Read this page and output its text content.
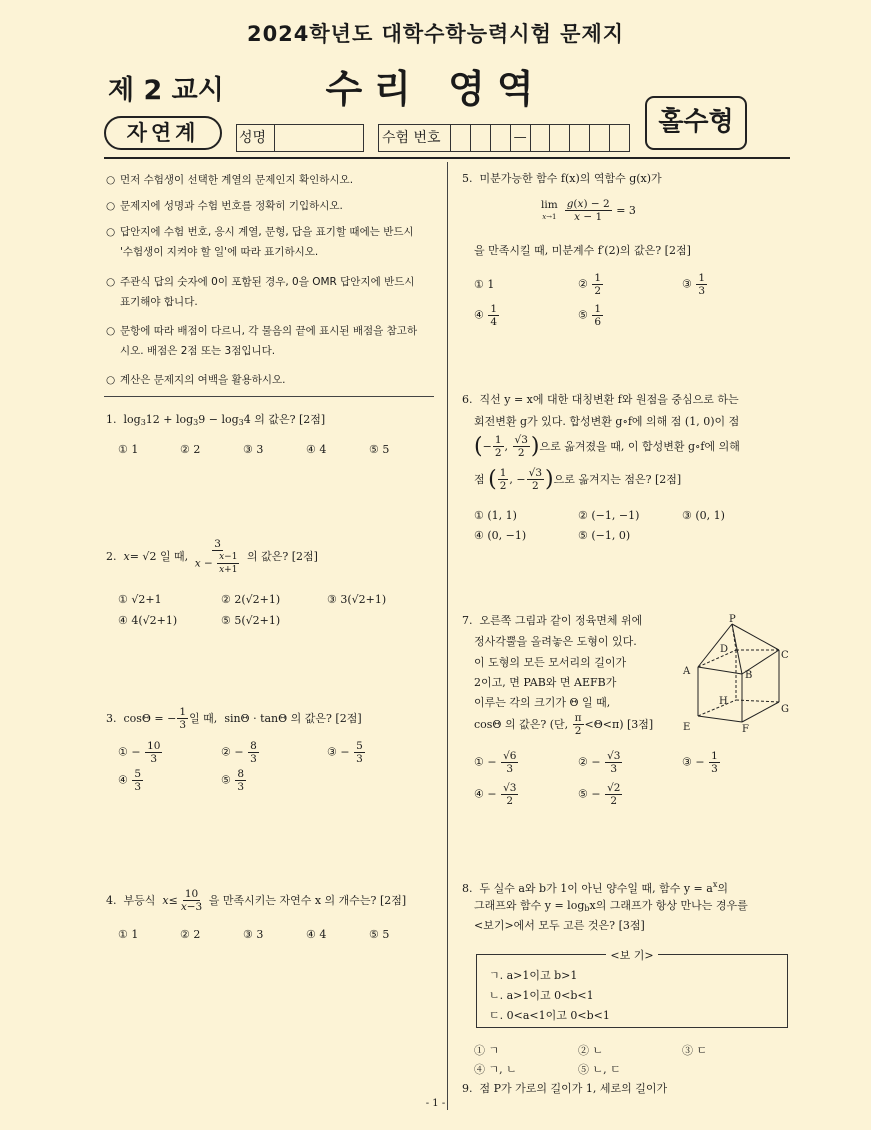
2024학년도 대학수학능력시험 문제지
제 2 교시	수리 영역
자연계	성명	수험 번호	—
홀수형
○ 먼저 수험생이 선택한 계열의 문제인지 확인하시오.
○ 문제지에 성명과 수험 번호를 정확히 기입하시오.
○ 답안지에 수험 번호, 응시 계열, 문형, 답을 표기할 때에는 반드시
'수험생이 지켜야 할 일'에 따라 표기하시오.
○ 주관식 답의 숫자에 0이 포함된 경우, 0을 OMR 답안지에 반드시
표기해야 합니다.
○ 문항에 따라 배점이 다르니, 각 물음의 끝에 표시된 배점을 참고하
시오. 배점은 2점 또는 3점입니다.
○ 계산은 문제지의 여백을 활용하시오.
1.  $\log_312 + \log_39 - \log_34$ 의 값은? [2점]
① 1	② 2	③ 3	④ 4	⑤ 5
2.
x = √2 일 때,
$\frac{3}{x - \frac{x-1}{x+1}}$
의 값은? [2점]
① √2+1	② 2(√2+1)	③ 3(√2+1)
④ 4(√2+1)	⑤ 5(√2+1)
3. cosΘ = − $\frac{1}{3}$ 일 때,
sinΘ · tanΘ 의 값은? [2점]
① − $\frac{10}{3}$	② − $\frac{8}{3}$	③ − $\frac{5}{3}$
④ $\frac{5}{3}$	⑤ $\frac{8}{3}$
4.
부등식
$x \le \frac{10}{x-3}$
을 만족시키는 자연수 x 의 개수는? [2점]
① 1	② 2	③ 3	④ 4	⑤ 5
5. 미분가능한 함수 f(x)의 역함수 g(x)가
lim
$x\to 1 \frac{g(x) - 2}{x - 1} = 3$
을 만족시킬 때, 미분계수 f′(2)의 값은? [2점]
① 1	② $\frac{1}{2}$	③ $\frac{1}{3}$
④ $\frac{1}{4}$	⑤ $\frac{1}{6}$
6. 직선 y = x에 대한 대칭변환 f와 원점을 중심으로 하는
회전변환 g가 있다. 합성변환 g∘f에 의해 점 (1, 0)이 점
( − $\frac{1}{2}$ , $\frac{√3}{2}$ ) 으로 옮겨졌을 때, 이 합성변환 g∘f에 의해
점
( $\frac{1}{2}$ , − $\frac{√3}{2}$ ) 으로 옮겨지는 점은? [2점]
① (1, 1)	② (−1, −1)	③ (0, 1)
④ (0, −1)	⑤ (−1, 0)
7. 오른쪽 그림과 같이 정육면체 위에
정사각뿔을 올려놓은 도형이 있다.
이 도형의 모든 모서리의 길이가
2이고, 면 PAB와 면 AEFB가
이루는 각의 크기가 Θ 일 때,
cosΘ 의 값은? (단,
$\frac{\pi}{2} <\Theta<\pi$) [3점]
P
D
C
A	B
H
G
E	F
① − $\frac{√6}{3}$	② − $\frac{√3}{3}$	③ − $\frac{1}{3}$
④ − $\frac{√3}{2}$	⑤ − $\frac{√2}{2}$
8. 두 실수 a와 b가 1이 아닌 양수일 때, 함수 $y = a^x$의
그래프와 함수 $y = \log_bx$의 그래프가 항상 만나는 경우를
<보기>에서 모두 고른 것은? [3점]
<보 기>
ㄱ. a>1이고 b>1
ㄴ. a>1이고 0<b<1
ㄷ. 0<a<1이고 0<b<1
① ㄱ	② ㄴ	③ ㄷ
④ ㄱ, ㄴ	⑤ ㄴ, ㄷ
9. 점 P가 가로의 길이가 1, 세로의 길이가
- 1 -
